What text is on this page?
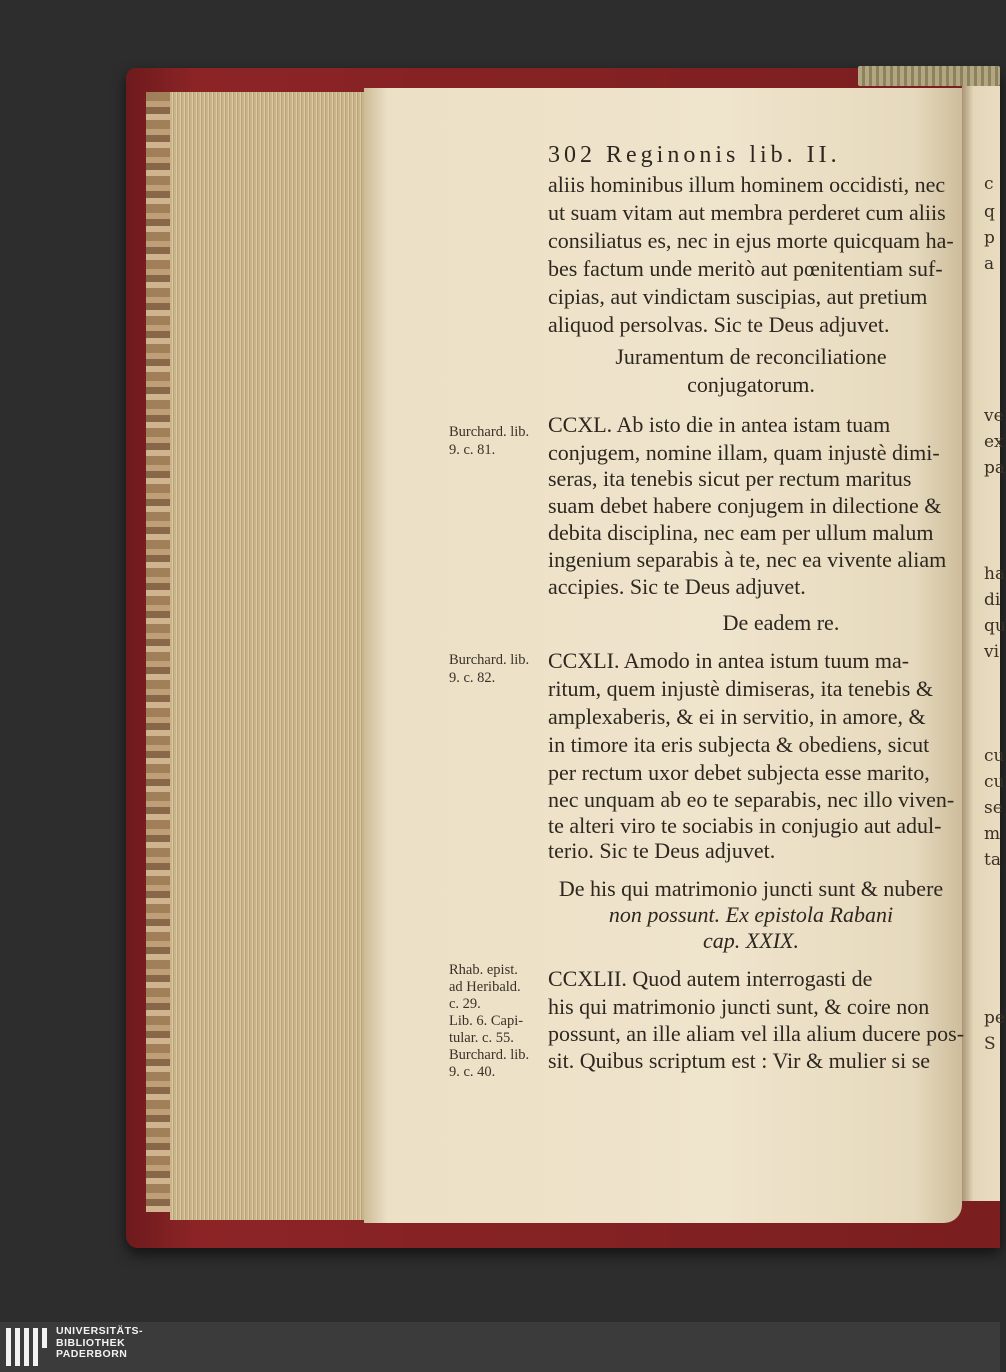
c
q
p
a
ve
ex
pa
ha
di
qu
vi
cu
cu
se
m
ta
pe
S
302 Reginonis lib. II.
aliis hominibus illum hominem occidisti, nec
ut suam vitam aut membra perderet cum aliis
consiliatus es, nec in ejus morte quicquam ha-
bes factum unde meritò aut pœnitentiam suf-
cipias, aut vindictam suscipias, aut pretium
aliquod persolvas. Sic te Deus adjuvet.
Juramentum de reconciliatione
conjugatorum.
Burchard. lib.
9. c. 81.
CCXL. Ab isto die in antea istam tuam
conjugem, nomine illam, quam injustè dimi-
seras, ita tenebis sicut per rectum maritus
suam debet habere conjugem in dilectione &
debita disciplina, nec eam per ullum malum
ingenium separabis à te, nec ea vivente aliam
accipies. Sic te Deus adjuvet.
De eadem re.
Burchard. lib.
9. c. 82.
CCXLI. Amodo in antea istum tuum ma-
ritum, quem injustè dimiseras, ita tenebis &
amplexaberis, & ei in servitio, in amore, &
in timore ita eris subjecta & obediens, sicut
per rectum uxor debet subjecta esse marito,
nec unquam ab eo te separabis, nec illo viven-
te alteri viro te sociabis in conjugio aut adul-
terio. Sic te Deus adjuvet.
De his qui matrimonio juncti sunt & nubere
non possunt. Ex epistola Rabani
cap. XXIX.
Rhab. epist.
ad Heribald.
c. 29.
Lib. 6. Capi-
tular. c. 55.
Burchard. lib.
9. c. 40.
CCXLII. Quod autem interrogasti de
his qui matrimonio juncti sunt, & coire non
possunt, an ille aliam vel illa alium ducere pos-
sit. Quibus scriptum est : Vir & mulier si se
UNIVERSITÄTS-
BIBLIOTHEK
PADERBORN
